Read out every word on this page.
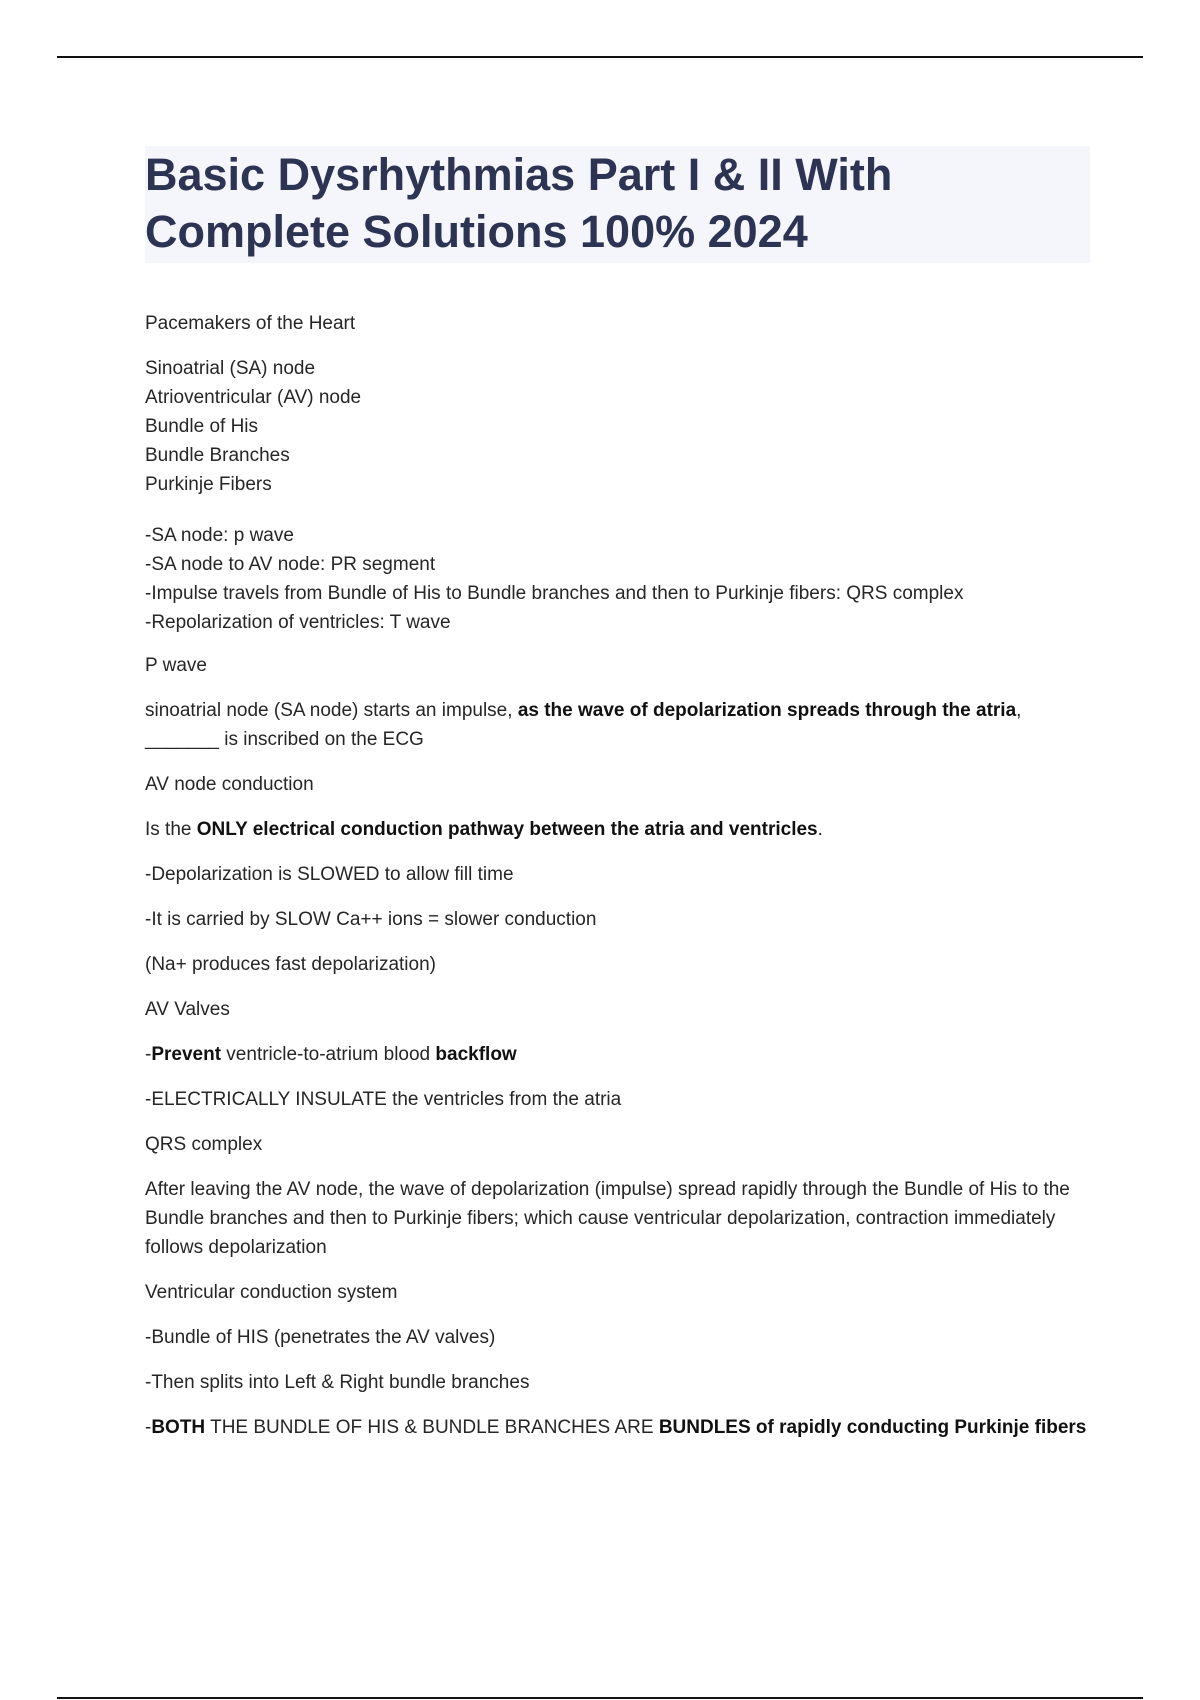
Basic Dysrhythmias Part I & II With
Complete Solutions 100% 2024

Pacemakers of the Heart

Sinoatrial (SA) node
Atrioventricular (AV) node
Bundle of His
Bundle Branches
Purkinje Fibers
-SA node: p wave
-SA node to AV node: PR segment
-Impulse travels from Bundle of His to Bundle branches and then to Purkinje fibers: QRS complex
-Repolarization of ventricles: T wave

P wave

sinoatrial node (SA node) starts an impulse, as the wave of depolarization spreads through the atria,
_______ is inscribed on the ECG

AV node conduction

Is the ONLY electrical conduction pathway between the atria and ventricles.

-Depolarization is SLOWED to allow fill time

-It is carried by SLOW Ca++ ions = slower conduction

(Na+ produces fast depolarization)

AV Valves

-Prevent ventricle-to-atrium blood backflow

-ELECTRICALLY INSULATE the ventricles from the atria

QRS complex

After leaving the AV node, the wave of depolarization (impulse) spread rapidly through the Bundle of His to the Bundle branches and then to Purkinje fibers; which cause ventricular depolarization, contraction immediately follows depolarization

Ventricular conduction system

-Bundle of HIS (penetrates the AV valves)

-Then splits into Left & Right bundle branches

-BOTH THE BUNDLE OF HIS & BUNDLE BRANCHES ARE BUNDLES of rapidly conducting Purkinje fibers
